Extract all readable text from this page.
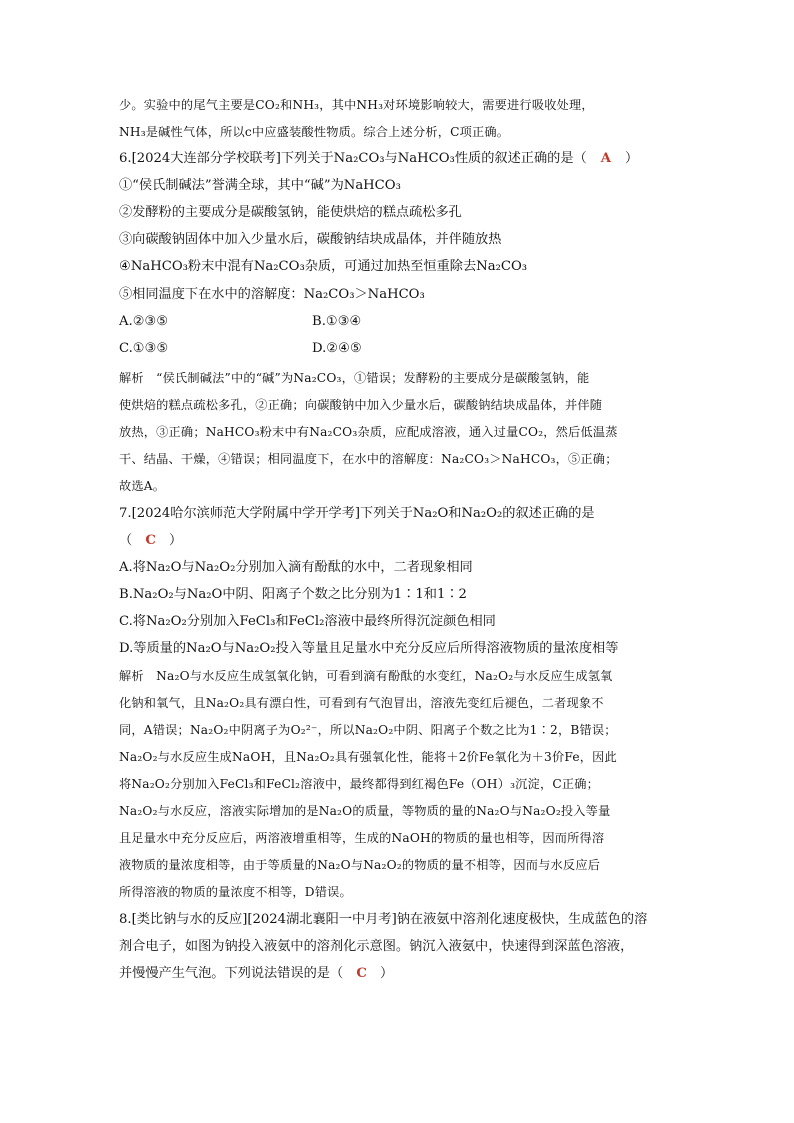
少。实验中的尾气主要是CO₂和NH₃，其中NH₃对环境影响较大，需要进行吸收处理，
NH₃是碱性气体，所以c中应盛装酸性物质。综合上述分析，C项正确。
6.[2024大连部分学校联考]下列关于Na₂CO₃与NaHCO₃性质的叙述正确的是（ A ）
①“侯氏制碱法”誉满全球，其中“碱”为NaHCO₃
②发酵粉的主要成分是碳酸氢钠，能使烘焙的糕点疏松多孔
③向碳酸钠固体中加入少量水后，碳酸钠结块成晶体，并伴随放热
④NaHCO₃粉末中混有Na₂CO₃杂质，可通过加热至恒重除去Na₂CO₃
⑤相同温度下在水中的溶解度：Na₂CO₃＞NaHCO₃
A.②③⑤	B.①③④
C.①③⑤	D.②④⑤
解析　“侯氏制碱法”中的“碱”为Na₂CO₃，①错误；发酵粉的主要成分是碳酸氢钠，能
使烘焙的糕点疏松多孔，②正确；向碳酸钠中加入少量水后，碳酸钠结块成晶体，并伴随
放热，③正确；NaHCO₃粉末中有Na₂CO₃杂质，应配成溶液，通入过量CO₂，然后低温蒸
干、结晶、干燥，④错误；相同温度下，在水中的溶解度：Na₂CO₃＞NaHCO₃，⑤正确；
故选A。
7.[2024哈尔滨师范大学附属中学开学考]下列关于Na₂O和Na₂O₂的叙述正确的是
（　C　）
A.将Na₂O与Na₂O₂分别加入滴有酚酞的水中，二者现象相同
B.Na₂O₂与Na₂O中阴、阳离子个数之比分别为1∶1和1∶2
C.将Na₂O₂分别加入FeCl₃和FeCl₂溶液中最终所得沉淀颜色相同
D.等质量的Na₂O与Na₂O₂投入等量且足量水中充分反应后所得溶液物质的量浓度相等
解析　Na₂O与水反应生成氢氧化钠，可看到滴有酚酞的水变红，Na₂O₂与水反应生成氢氧
化钠和氧气，且Na₂O₂具有漂白性，可看到有气泡冒出，溶液先变红后褪色，二者现象不
同，A错误；Na₂O₂中阴离子为O₂²⁻，所以Na₂O₂中阴、阳离子个数之比为1∶2，B错误；
Na₂O₂与水反应生成NaOH，且Na₂O₂具有强氧化性，能将＋2价Fe氧化为＋3价Fe，因此
将Na₂O₂分别加入FeCl₃和FeCl₂溶液中，最终都得到红褐色Fe（OH）₃沉淀，C正确；
Na₂O₂与水反应，溶液实际增加的是Na₂O的质量，等物质的量的Na₂O与Na₂O₂投入等量
且足量水中充分反应后，两溶液增重相等，生成的NaOH的物质的量也相等，因而所得溶
液物质的量浓度相等，由于等质量的Na₂O与Na₂O₂的物质的量不相等，因而与水反应后
所得溶液的物质的量浓度不相等，D错误。
8.[类比钠与水的反应][2024湖北襄阳一中月考]钠在液氨中溶剂化速度极快，生成蓝色的溶
剂合电子，如图为钠投入液氨中的溶剂化示意图。钠沉入液氨中，快速得到深蓝色溶液，
并慢慢产生气泡。下列说法错误的是（　C　）
